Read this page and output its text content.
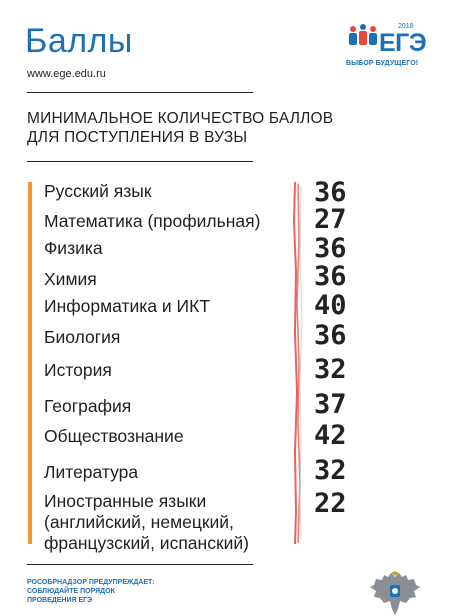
Баллы
www.ege.edu.ru
МИНИМАЛЬНОЕ КОЛИЧЕСТВО БАЛЛОВ
ДЛЯ ПОСТУПЛЕНИЯ В ВУЗЫ
2018
ЕГЭ
ВЫБОР БУДУЩЕГО!
Русский язык
Математика (профильная)
Физика
Химия
Информатика и ИКТ
Биология
История
География
Обществознание
Литература
Иностранные языки
(английский, немецкий,
французский, испанский)
36
27
36
36
40
36
32
37
42
32
22
РОСОБРНАДЗОР ПРЕДУПРЕЖДАЕТ:
СОБЛЮДАЙТЕ ПОРЯДОК
ПРОВЕДЕНИЯ ЕГЭ
